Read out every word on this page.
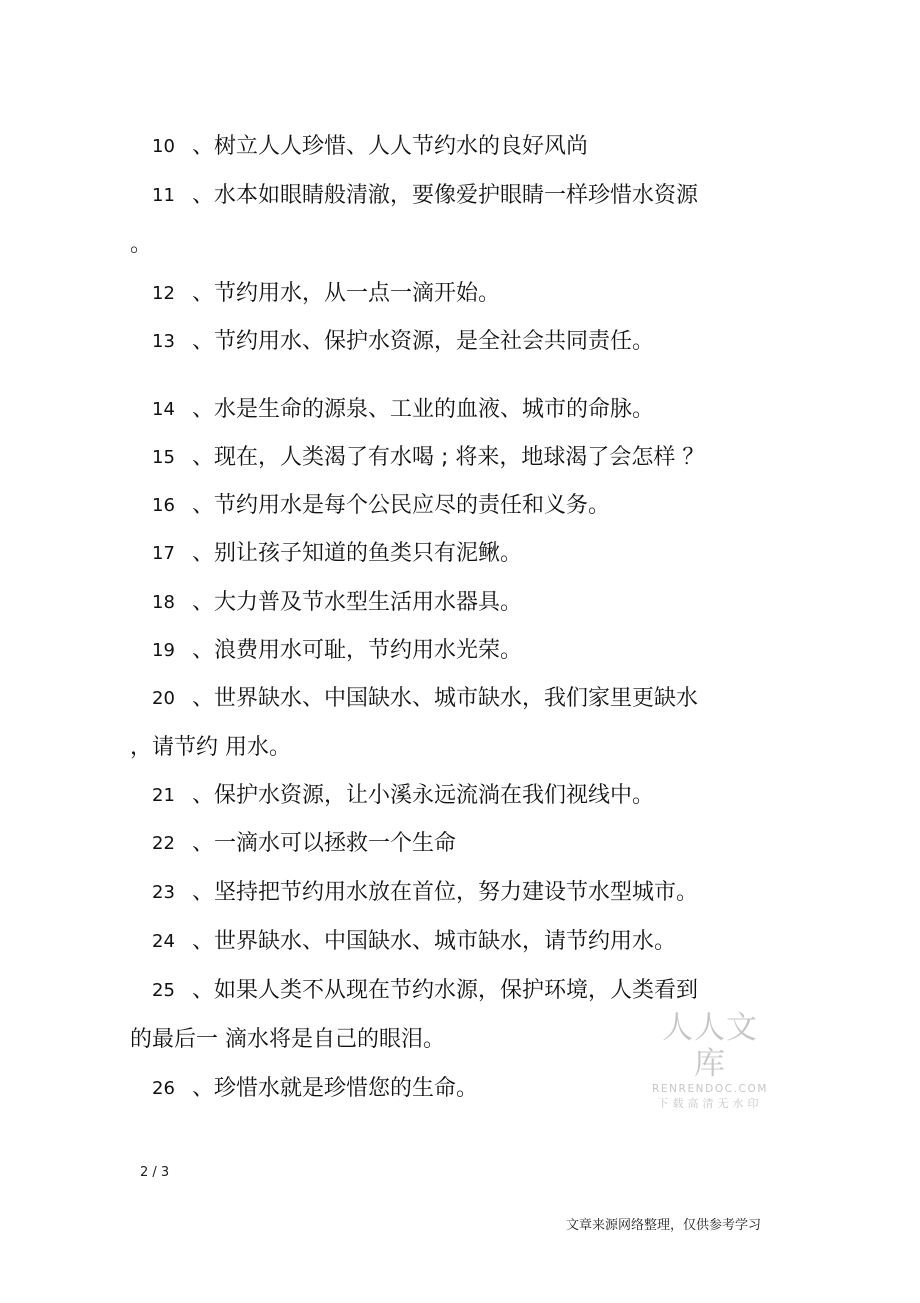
10 、树立人人珍惜、人人节约水的良好风尚
11 、水本如眼睛般清澈，要像爱护眼睛一样珍惜水资源
。
12 、节约用水，从一点一滴开始。
13 、节约用水、保护水资源，是全社会共同责任。
14 、水是生命的源泉、工业的血液、城市的命脉。
15 、现在，人类渴了有水喝 ; 将来，地球渴了会怎样 ？
16 、节约用水是每个公民应尽的责任和义务。
17 、别让孩子知道的鱼类只有泥鳅。
18 、大力普及节水型生活用水器具。
19 、浪费用水可耻，节约用水光荣。
20 、世界缺水、中国缺水、城市缺水，我们家里更缺水
，请节约 用水。
21 、保护水资源，让小溪永远流淌在我们视线中。
22 、一滴水可以拯救一个生命
23 、坚持把节约用水放在首位，努力建设节水型城市。
24 、世界缺水、中国缺水、城市缺水，请节约用水。
25 、如果人类不从现在节约水源，保护环境，人类看到
的最后一 滴水将是自己的眼泪。
26 、珍惜水就是珍惜您的生命。
人人文库
RENRENDOC.COM
下载高清无水印
2 / 3
文章来源网络整理，仅供参考学习
